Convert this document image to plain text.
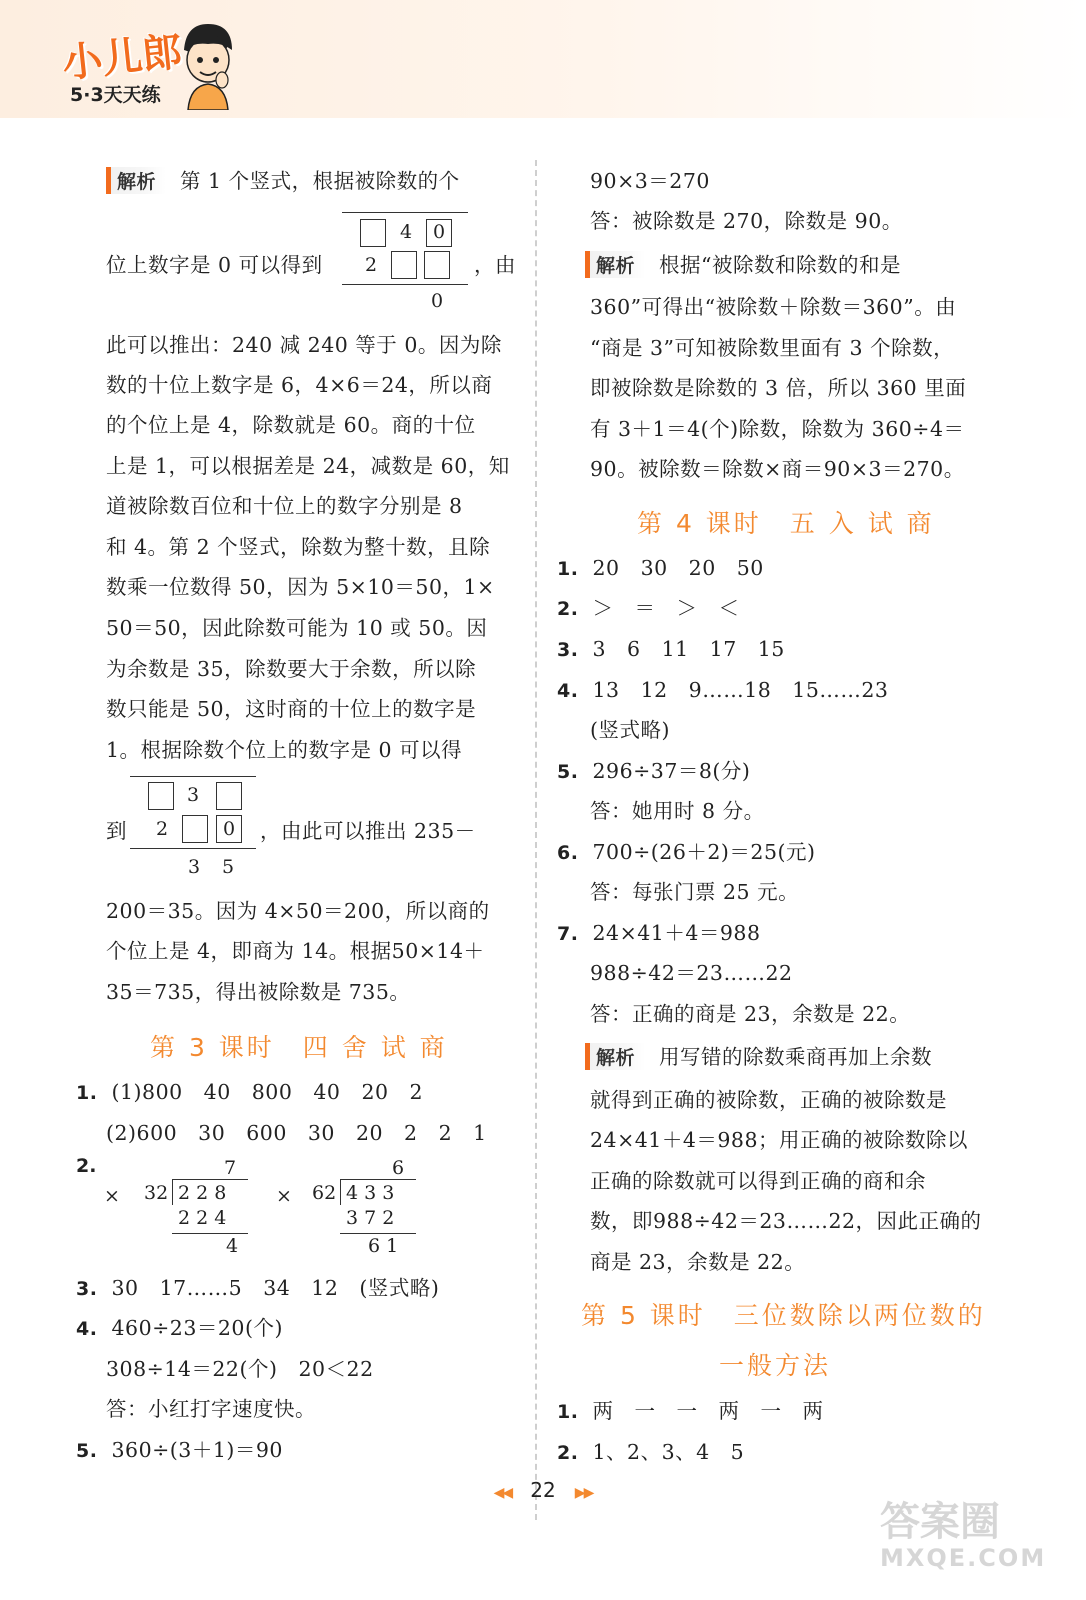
小儿郎
5·3天天练
解析 第 1 个竖式，根据被除数的个
4 0
2
0
位上数字是 0 可以得到	，由
此可以推出：240 减 240 等于 0。因为除
数的十位上数字是 6，4×6＝24，所以商
的个位上是 4，除数就是 60。商的十位
上是 1，可以根据差是 24，减数是 60，知
道被除数百位和十位上的数字分别是 8
和 4。第 2 个竖式，除数为整十数，且除
数乘一位数得 50，因为 5×10＝50，1×
50＝50，因此除数可能为 10 或 50。因
为余数是 35，除数要大于余数，所以除
数只能是 50，这时商的十位上的数字是
1。根据除数个位上的数字是 0 可以得
3
2	0
3 5
到	，由此可以推出 235－
200＝35。因为 4×50＝200，所以商的
个位上是 4，即商为 14。根据50×14＋
35＝735，得出被除数是 735。
第 3 课时　四 舍 试 商
1. (1)800　40　800　40　20　2
(2)600　30　600　30　20　2　2　1
2.
×
7
32 2 2 8
2 2 4
4
×
6
62 4 3 3
3 7 2
6 1
3. 30　17……5　34　12　(竖式略)
4. 460÷23＝20(个)
308÷14＝22(个)　20＜22
答：小红打字速度快。
5. 360÷(3＋1)＝90
90×3＝270
答：被除数是 270，除数是 90。
解析 根据“被除数和除数的和是
360”可得出“被除数＋除数＝360”。由
“商是 3”可知被除数里面有 3 个除数，
即被除数是除数的 3 倍，所以 360 里面
有 3＋1＝4(个)除数，除数为 360÷4＝
90。被除数＝除数×商＝90×3＝270。
第 4 课时　五 入 试 商
1. 20　30　20　50
2. ＞　＝　＞　＜
3. 3　6　11　17　15
4. 13　12　9……18　15……23
(竖式略)
5. 296÷37＝8(分)
答：她用时 8 分。
6. 700÷(26＋2)＝25(元)
答：每张门票 25 元。
7. 24×41＋4＝988
988÷42＝23……22
答：正确的商是 23，余数是 22。
解析 用写错的除数乘商再加上余数
就得到正确的被除数，正确的被除数是
24×41＋4＝988；用正确的被除数除以
正确的除数就可以得到正确的商和余
数，即988÷42＝23……22，因此正确的
商是 23，余数是 22。
第 5 课时　三位数除以两位数的
一般方法
1. 两　一　一　两　一　两
2. 1、2、3、4　5
◀◀ 22 ▶▶
答案圈
MXQE.COM
